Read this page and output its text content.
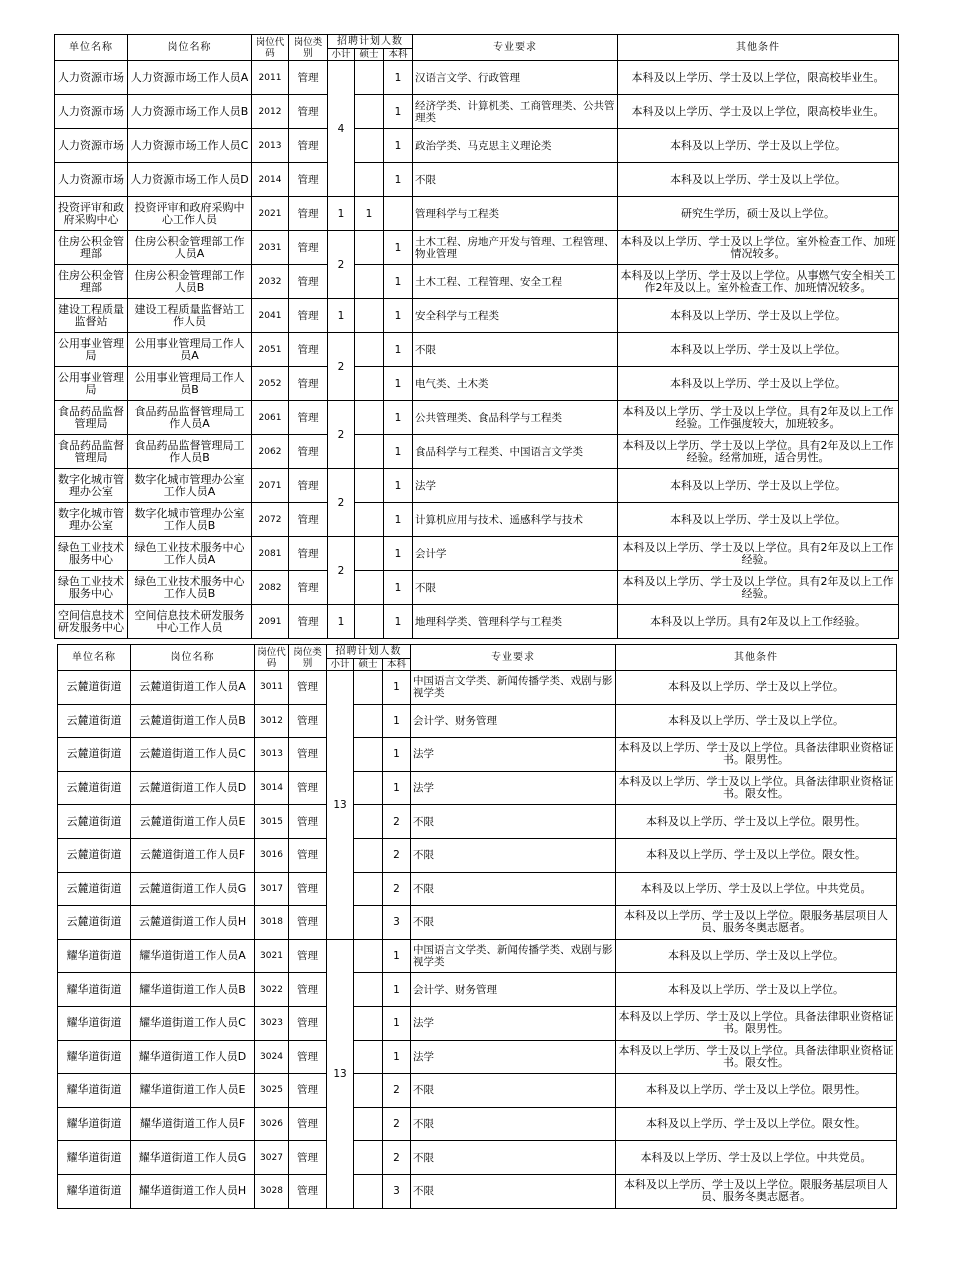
单位名称	岗位名称	岗位代码	岗位类别	招聘计划人数			专业要求	其他条件
				小计	硕士	本科		
人力资源市场	人力资源市场工作人员A	2011	管理	4		1	汉语言文学、行政管理	本科及以上学历、学士及以上学位，限高校毕业生。
人力资源市场	人力资源市场工作人员B	2012	管理			1	经济学类、计算机类、工商管理类、公共管理类	本科及以上学历、学士及以上学位，限高校毕业生。
人力资源市场	人力资源市场工作人员C	2013	管理			1	政治学类、马克思主义理论类	本科及以上学历、学士及以上学位。
人力资源市场	人力资源市场工作人员D	2014	管理			1	不限	本科及以上学历、学士及以上学位。
投资评审和政府采购中心	投资评审和政府采购中心工作人员	2021	管理	1	1		管理科学与工程类	研究生学历，硕士及以上学位。
住房公积金管理部	住房公积金管理部工作人员A	2031	管理	2		1	土木工程、房地产开发与管理、工程管理、物业管理	本科及以上学历、学士及以上学位。室外检查工作、加班情况较多。
住房公积金管理部	住房公积金管理部工作人员B	2032	管理			1	土木工程、工程管理、安全工程	本科及以上学历、学士及以上学位。从事燃气安全相关工作2年及以上。室外检查工作、加班情况较多。
建设工程质量监督站	建设工程质量监督站工作人员	2041	管理	1		1	安全科学与工程类	本科及以上学历、学士及以上学位。
公用事业管理局	公用事业管理局工作人员A	2051	管理	2		1	不限	本科及以上学历、学士及以上学位。
公用事业管理局	公用事业管理局工作人员B	2052	管理			1	电气类、土木类	本科及以上学历、学士及以上学位。
食品药品监督管理局	食品药品监督管理局工作人员A	2061	管理	2		1	公共管理类、食品科学与工程类	本科及以上学历、学士及以上学位。具有2年及以上工作经验。工作强度较大，加班较多。
食品药品监督管理局	食品药品监督管理局工作人员B	2062	管理			1	食品科学与工程类、中国语言文学类	本科及以上学历、学士及以上学位。具有2年及以上工作经验。经常加班，适合男性。
数字化城市管理办公室	数字化城市管理办公室工作人员A	2071	管理	2		1	法学	本科及以上学历、学士及以上学位。
数字化城市管理办公室	数字化城市管理办公室工作人员B	2072	管理			1	计算机应用与技术、遥感科学与技术	本科及以上学历、学士及以上学位。
绿色工业技术服务中心	绿色工业技术服务中心工作人员A	2081	管理	2		1	会计学	本科及以上学历、学士及以上学位。具有2年及以上工作经验。
绿色工业技术服务中心	绿色工业技术服务中心工作人员B	2082	管理			1	不限	本科及以上学历、学士及以上学位。具有2年及以上工作经验。
空间信息技术研发服务中心	空间信息技术研发服务中心工作人员	2091	管理	1		1	地理科学类、管理科学与工程类	本科及以上学历。具有2年及以上工作经验。
单位名称	岗位名称	岗位代码	岗位类别	招聘计划人数			专业要求	其他条件
				小计	硕士	本科		
云麓道街道	云麓道街道工作人员A	3011	管理	13		1	中国语言文学类、新闻传播学类、戏剧与影视学类	本科及以上学历、学士及以上学位。
云麓道街道	云麓道街道工作人员B	3012	管理			1	会计学、财务管理	本科及以上学历、学士及以上学位。
云麓道街道	云麓道街道工作人员C	3013	管理			1	法学	本科及以上学历、学士及以上学位。具备法律职业资格证书。限男性。
云麓道街道	云麓道街道工作人员D	3014	管理			1	法学	本科及以上学历、学士及以上学位。具备法律职业资格证书。限女性。
云麓道街道	云麓道街道工作人员E	3015	管理			2	不限	本科及以上学历、学士及以上学位。限男性。
云麓道街道	云麓道街道工作人员F	3016	管理			2	不限	本科及以上学历、学士及以上学位。限女性。
云麓道街道	云麓道街道工作人员G	3017	管理			2	不限	本科及以上学历、学士及以上学位。中共党员。
云麓道街道	云麓道街道工作人员H	3018	管理			3	不限	本科及以上学历、学士及以上学位。限服务基层项目人员、服务冬奥志愿者。
耀华道街道	耀华道街道工作人员A	3021	管理	13		1	中国语言文学类、新闻传播学类、戏剧与影视学类	本科及以上学历、学士及以上学位。
耀华道街道	耀华道街道工作人员B	3022	管理			1	会计学、财务管理	本科及以上学历、学士及以上学位。
耀华道街道	耀华道街道工作人员C	3023	管理			1	法学	本科及以上学历、学士及以上学位。具备法律职业资格证书。限男性。
耀华道街道	耀华道街道工作人员D	3024	管理			1	法学	本科及以上学历、学士及以上学位。具备法律职业资格证书。限女性。
耀华道街道	耀华道街道工作人员E	3025	管理			2	不限	本科及以上学历、学士及以上学位。限男性。
耀华道街道	耀华道街道工作人员F	3026	管理			2	不限	本科及以上学历、学士及以上学位。限女性。
耀华道街道	耀华道街道工作人员G	3027	管理			2	不限	本科及以上学历、学士及以上学位。中共党员。
耀华道街道	耀华道街道工作人员H	3028	管理			3	不限	本科及以上学历、学士及以上学位。限服务基层项目人员、服务冬奥志愿者。
